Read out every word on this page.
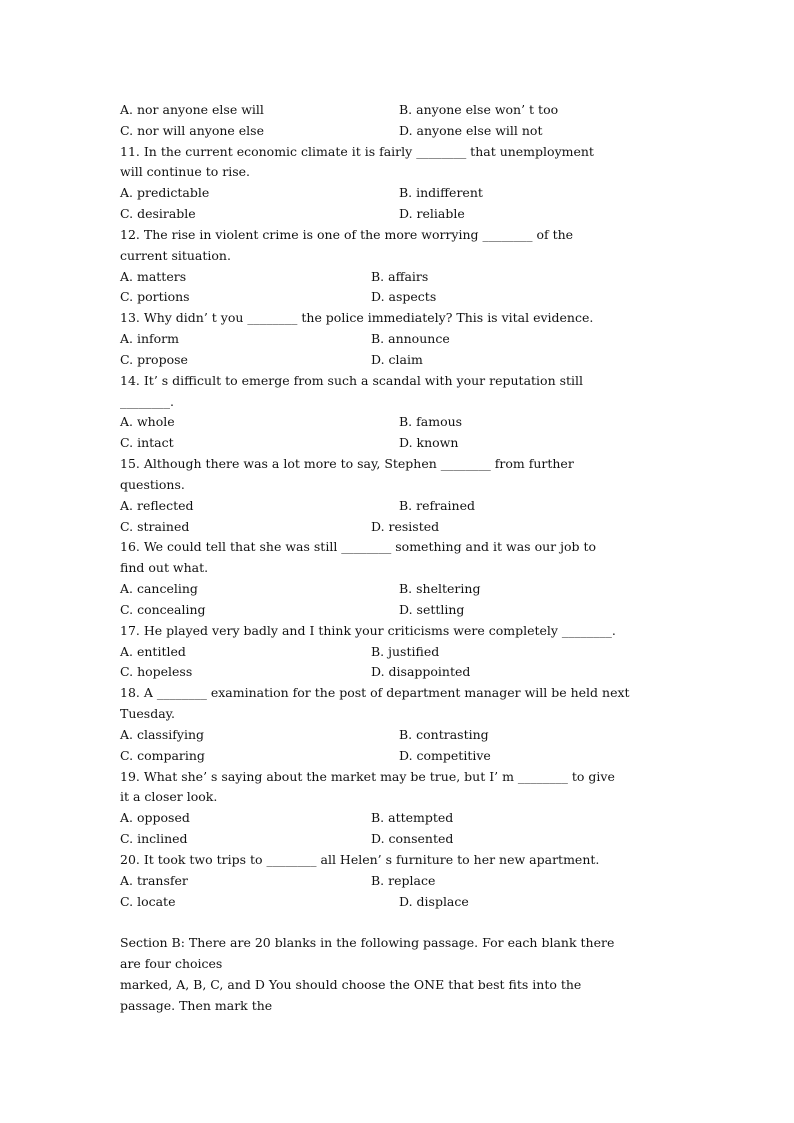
A. nor anyone else will	B. anyone else won’ t too
C. nor will anyone else	D. anyone else will not
11. In the current economic climate it is fairly ________ that unemployment
will continue to rise.
A. predictable	B. indifferent
C. desirable	D. reliable
12. The rise in violent crime is one of the more worrying ________ of the
current situation.
A. matters	B. affairs
C. portions	D. aspects
13. Why didn’ t you ________ the police immediately? This is vital evidence.
A. inform	B. announce
C. propose	D. claim
14. It’ s difficult to emerge from such a scandal with your reputation still
________.
A. whole	B. famous
C. intact	D. known
15. Although there was a lot more to say, Stephen ________ from further
questions.
A. reflected	B. refrained
C. strained	D. resisted
16. We could tell that she was still ________ something and it was our job to
find out what.
A. canceling	B. sheltering
C. concealing	D. settling
17. He played very badly and I think your criticisms were completely ________.
A. entitled	B. justified
C. hopeless	D. disappointed
18. A ________ examination for the post of department manager will be held next
Tuesday.
A. classifying	B. contrasting
C. comparing	D. competitive
19. What she’ s saying about the market may be true, but I’ m ________ to give
it a closer look.
A. opposed	B. attempted
C. inclined	D. consented
20. It took two trips to ________ all Helen’ s furniture to her new apartment.
A. transfer	B. replace
C. locate	D. displace
Section B: There are 20 blanks in the following passage. For each blank there
are four choices
marked, A, B, C, and D You should choose the ONE that best fits into the
passage. Then mark the
